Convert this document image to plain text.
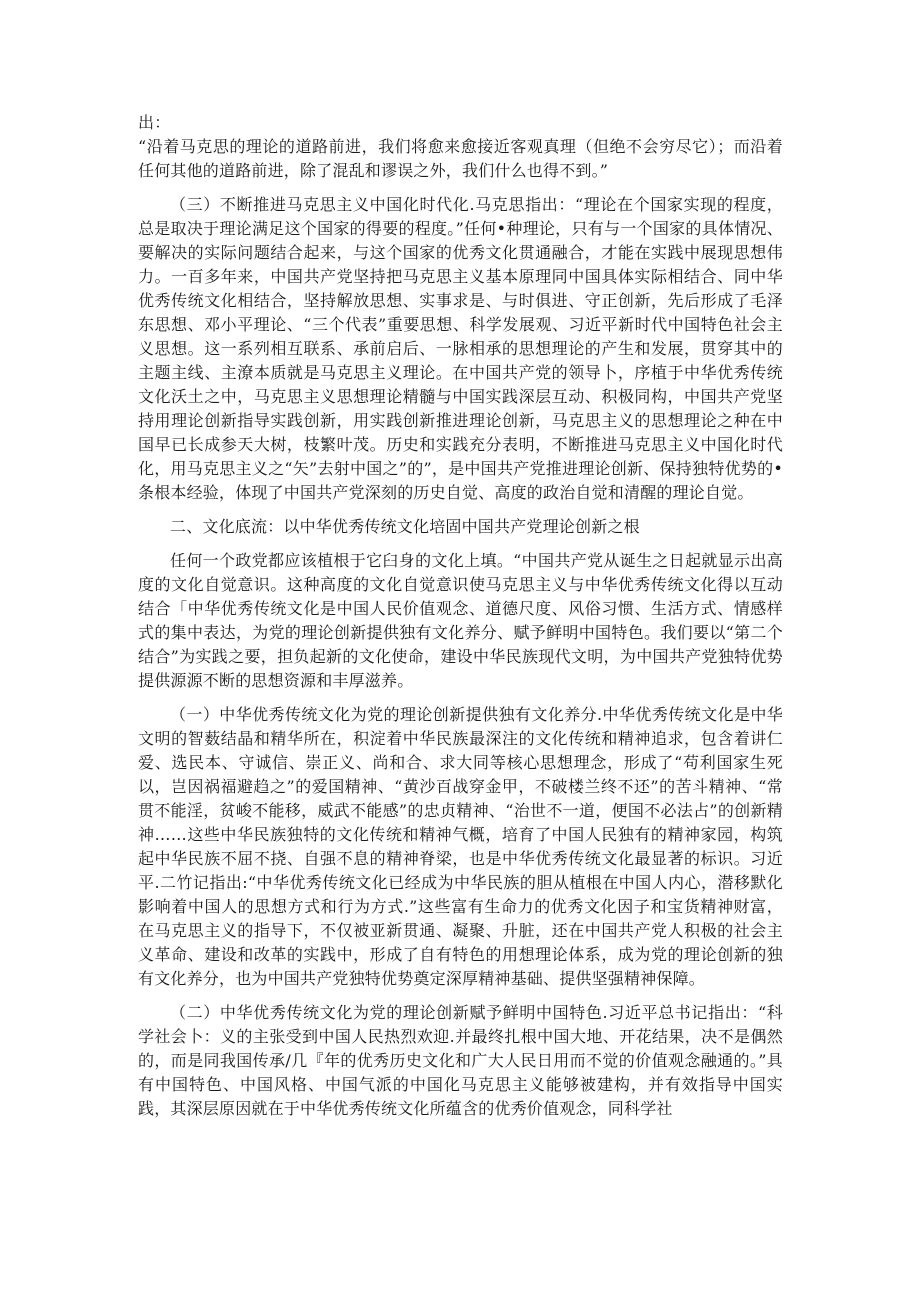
出：

“沿着马克思的理论的道路前进，我们将愈来愈接近客观真理（但绝不会穷尽它）；而沿着任何其他的道路前进，除了混乱和谬误之外，我们什么也得不到。”

（三）不断推进马克思主义中国化时代化.马克思指出：“理论在个国家实现的程度，总是取决于理论满足这个国家的得要的程度。”任何•种理论，只有与一个国家的具体情况、要解决的实际问题结合起来，与这个国家的优秀文化贯通融合，才能在实践中展现思想伟力。一百多年来，中国共产党坚持把马克思主义基本原理同中国具体实际相结合、同中华优秀传统文化相结合，坚持解放思想、实事求是、与时俱进、守正创新，先后形成了毛泽东思想、邓小平理论、“三个代表”重要思想、科学发展观、习近平新时代中国特色社会主义思想。这一系列相互联系、承前启后、一脉相承的思想理论的产生和发展，贯穿其中的主题主线、主潦本质就是马克思主义理论。在中国共产党的领导卜，序植于中华优秀传统文化沃土之中，马克思主义思想理论精髓与中国实践深层互动、积极同构，中国共产党坚持用理论创新指导实践创新，用实践创新推进理论创新，马克思主义的思想理论之种在中国早已长成参天大树，枝繁叶茂。历史和实践充分表明，不断推进马克思主义中国化时代化，用马克思主义之“矢”去射中国之”的”，是中国共产党推进理论创新、保持独特优势的•条根本经验，体现了中国共产党深刻的历史自觉、高度的政治自觉和清醒的理论自觉。

二、文化底流：以中华优秀传统文化培固中国共产党理论创新之根

任何一个政党都应该植根于它臼身的文化上填。“中国共产党从诞生之日起就显示出高度的文化自觉意识。这种高度的文化自觉意识使马克思主义与中华优秀传统文化得以互动结合「中华优秀传统文化是中国人民价值观念、道德尺度、风俗习惯、生活方式、情感样式的集中表达，为党的理论创新提供独有文化养分、赋予鲜明中国特色。我们要以“第二个结合”为实践之要，担负起新的文化使命，建设中华民族现代文明，为中国共产党独特优势提供源源不断的思想资源和丰厚滋养。

（一）中华优秀传统文化为党的理论创新提供独有文化养分.中华优秀传统文化是中华文明的智薮结晶和精华所在，积淀着中华民族最深注的文化传统和精神追求，包含着讲仁爱、选民本、守诚信、崇正义、尚和合、求大同等核心思想理念，形成了“苟利国家生死以，岂因祸福避趋之”的爱国精神、“黄沙百战穿金甲，不破楼兰终不还”的苦斗精神、“常贯不能淫，贫峻不能移，威武不能感”的忠贞精神、“治世不一道，便国不必法占”的创新精神……这些中华民族独特的文化传统和精神气概，培育了中国人民独有的精神家园，构筑起中华民族不屈不挠、自强不息的精神脊梁，也是中华优秀传统文化最显著的标识。习近平.二竹记指出:“中华优秀传统文化已经成为中华民族的胆从植根在中国人内心，潜移默化影响着中国人的思想方式和行为方式.”这些富有生命力的优秀文化因子和宝货精神财富，在马克思主义的指导下，不仅被亚新贯通、凝聚、升脏，还在中国共产党人积极的社会主义革命、建设和改革的实践中，形成了自有特色的用想理论体系，成为党的理论创新的独有文化养分，也为中国共产党独特优势奠定深厚精神基础、提供坚强精神保障。

（二）中华优秀传统文化为党的理论创新赋予鲜明中国特色.习近平总书记指出：“科学社会卜：义的主张受到中国人民热烈欢迎.并最终扎根中国大地、开花结果，决不是偶然的，而是同我国传承/几『年的优秀历史文化和广大人民日用而不觉的价值观念融通的。”具有中国特色、中国风格、中国气派的中国化马克思主义能够被建构，并有效指导中国实践，其深层原因就在于中华优秀传统文化所蕴含的优秀价值观念，同科学社
